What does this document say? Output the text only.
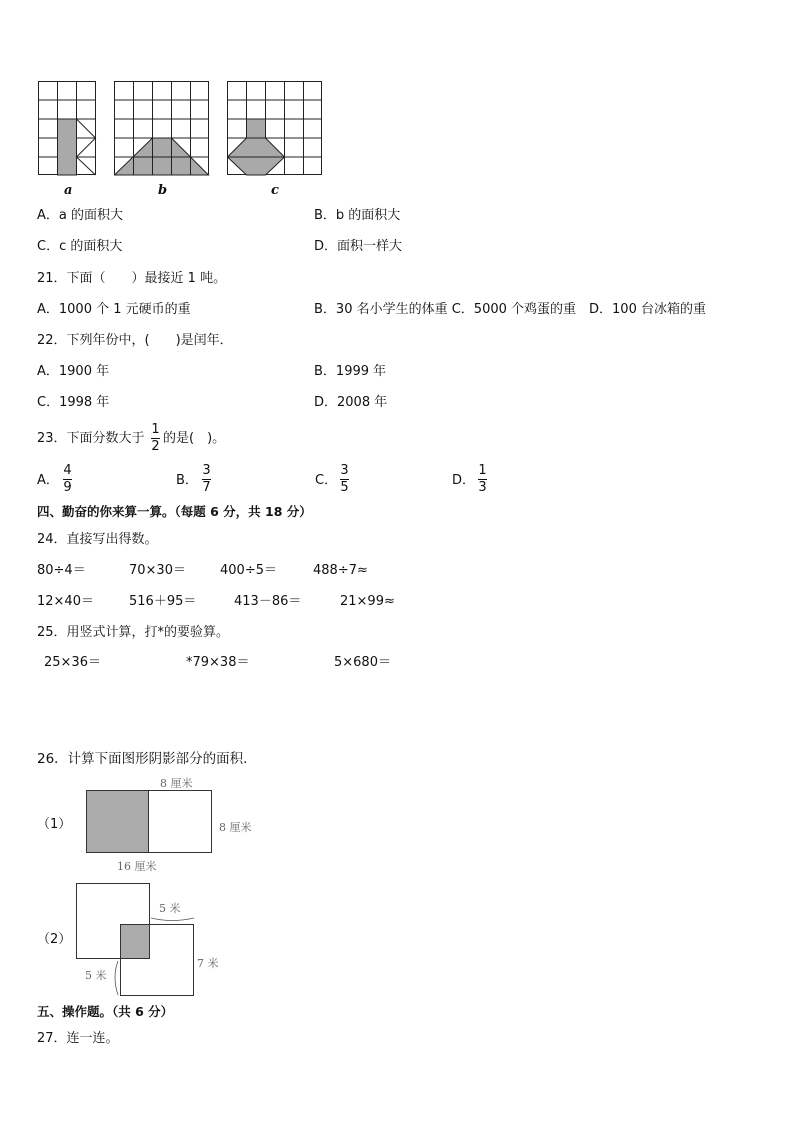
a	b	c
A．a 的面积大	B．b 的面积大
C．c 的面积大	D．面积一样大
21．下面（　　）最接近 1 吨。
A．1000 个 1 元硬币的重	B．30 名小学生的体重 C．5000 个鸡蛋的重　D．100 台冰箱的重
22．下列年份中，(　　)是闰年．
A．1900 年	B．1999 年
C．1998 年	D．2008 年
23．下面分数大于
1
2
的是(　)。
A．
4
9	B．
3
7	C．
3
5	D．
1
3
四、勤奋的你来算一算。（每题 6 分，共 18 分）
24．直接写出得数。
80÷4＝	70×30＝	400÷5＝	488÷7≈
12×40＝	516＋95＝	413－86＝	21×99≈
25．用竖式计算，打*的要验算。
25×36＝	*79×38＝	5×680＝
26．计算下面图形阴影部分的面积.
（1）
8 厘米
8 厘米
16 厘米
（2）
5 米
7 米
5 米
五、操作题。（共 6 分）
27．连一连。
